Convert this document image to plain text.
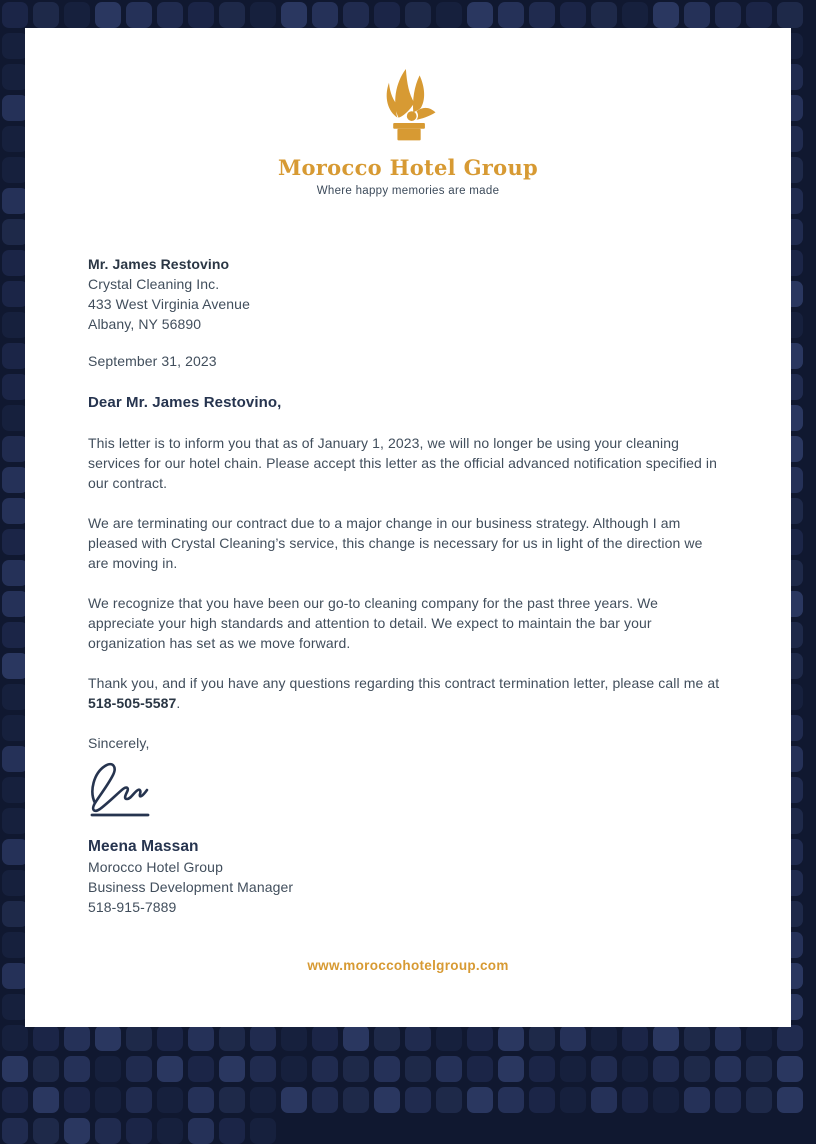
Morocco Hotel Group
Where happy memories are made
Mr. James Restovino
Crystal Cleaning Inc.
433 West Virginia Avenue
Albany, NY 56890
September 31, 2023
Dear Mr. James Restovino,

This letter is to inform you that as of January 1, 2023, we will no longer be using your cleaning services for our hotel chain. Please accept this letter as the official advanced notification specified in our contract.

We are terminating our contract due to a major change in our business strategy. Although I am pleased with Crystal Cleaning’s service, this change is necessary for us in light of the direction we are moving in.

We recognize that you have been our go-to cleaning company for the past three years. We appreciate your high standards and attention to detail. We expect to maintain the bar your organization has set as we move forward.

Thank you, and if you have any questions regarding this contract termination letter, please call me at 518-505-5587.

Sincerely,
Meena Massan
Morocco Hotel Group
Business Development Manager
518-915-7889
www.moroccohotelgroup.com
